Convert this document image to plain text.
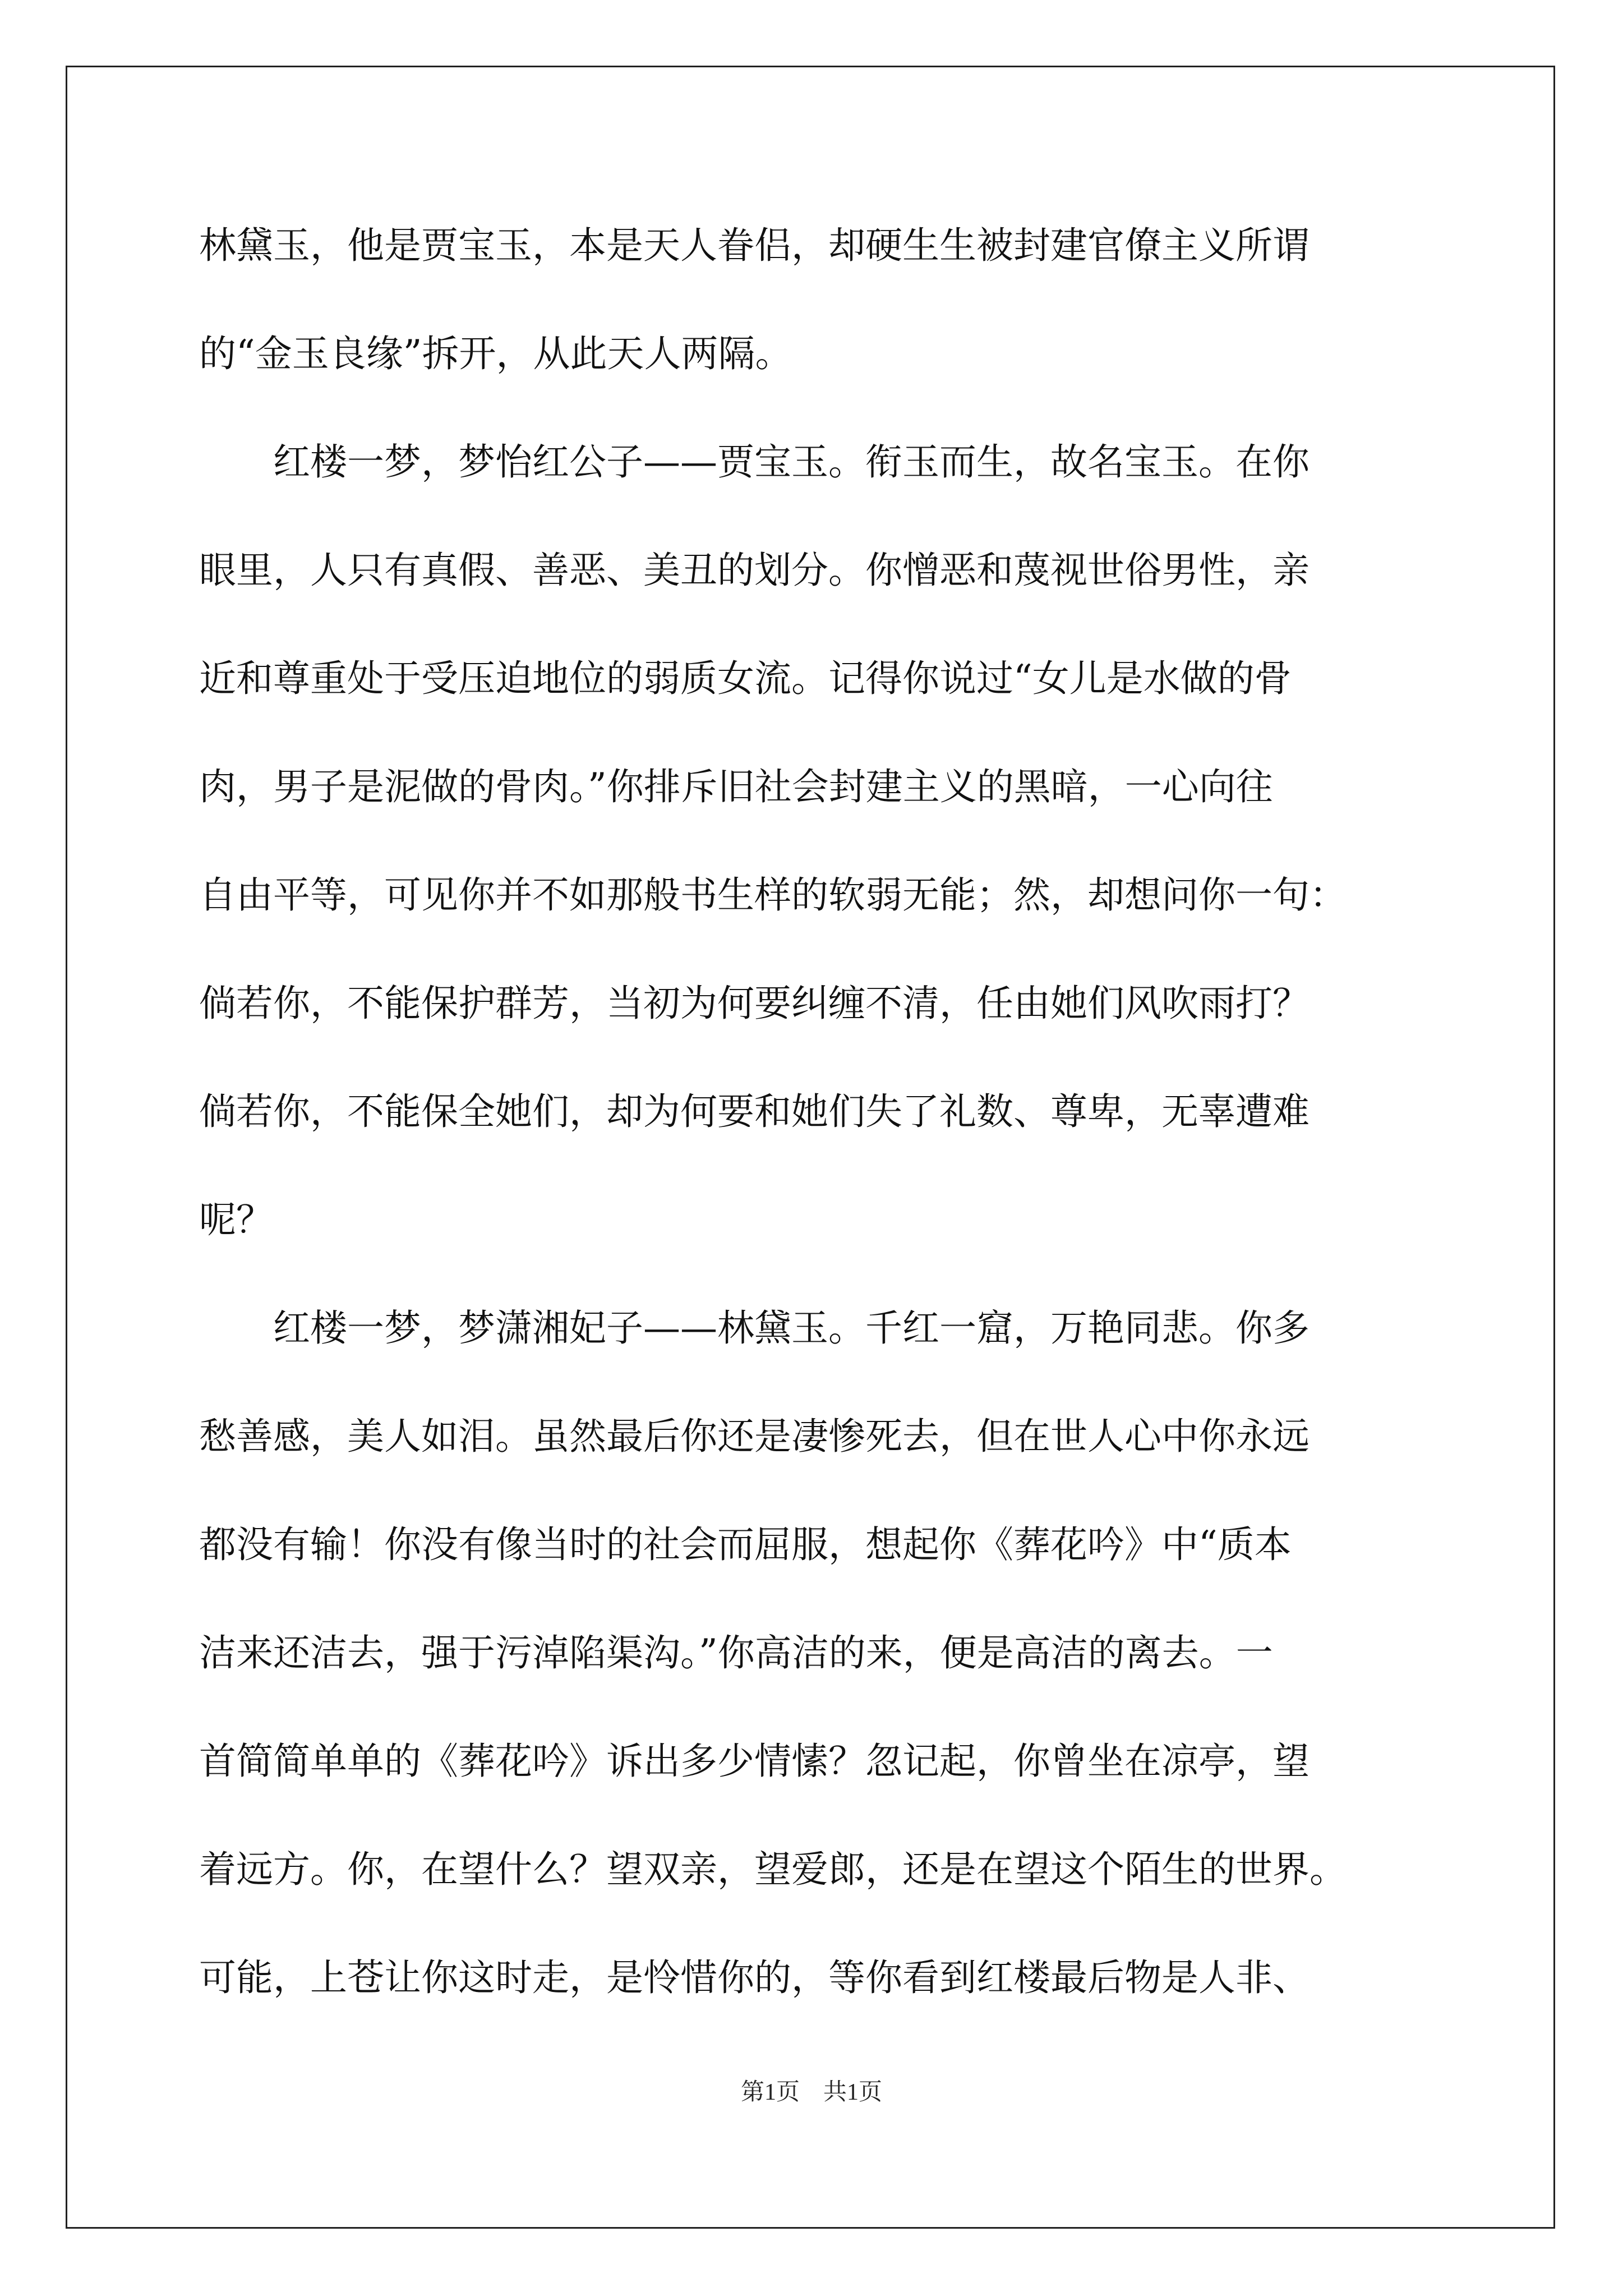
林黛玉，他是贾宝玉，本是天人眷侣，却硬生生被封建官僚主义所谓
的“金玉良缘”拆开，从此天人两隔。
　　红楼一梦，梦怡红公子——贾宝玉。衔玉而生，故名宝玉。在你
眼里，人只有真假、善恶、美丑的划分。你憎恶和蔑视世俗男性，亲
近和尊重处于受压迫地位的弱质女流。记得你说过“女儿是水做的骨
肉，男子是泥做的骨肉。”你排斥旧社会封建主义的黑暗，一心向往
自由平等，可见你并不如那般书生样的软弱无能；然，却想问你一句：
倘若你，不能保护群芳，当初为何要纠缠不清，任由她们风吹雨打？
倘若你，不能保全她们，却为何要和她们失了礼数、尊卑，无辜遭难
呢？
　　红楼一梦，梦潇湘妃子——林黛玉。千红一窟，万艳同悲。你多
愁善感，美人如泪。虽然最后你还是凄惨死去，但在世人心中你永远
都没有输！你没有像当时的社会而屈服，想起你《葬花吟》中“质本
洁来还洁去，强于污淖陷渠沟。”你高洁的来，便是高洁的离去。一
首简简单单的《葬花吟》诉出多少情愫？忽记起，你曾坐在凉亭，望
着远方。你，在望什么？望双亲，望爱郎，还是在望这个陌生的世界。
可能，上苍让你这时走，是怜惜你的，等你看到红楼最后物是人非、
第1页　共1页
